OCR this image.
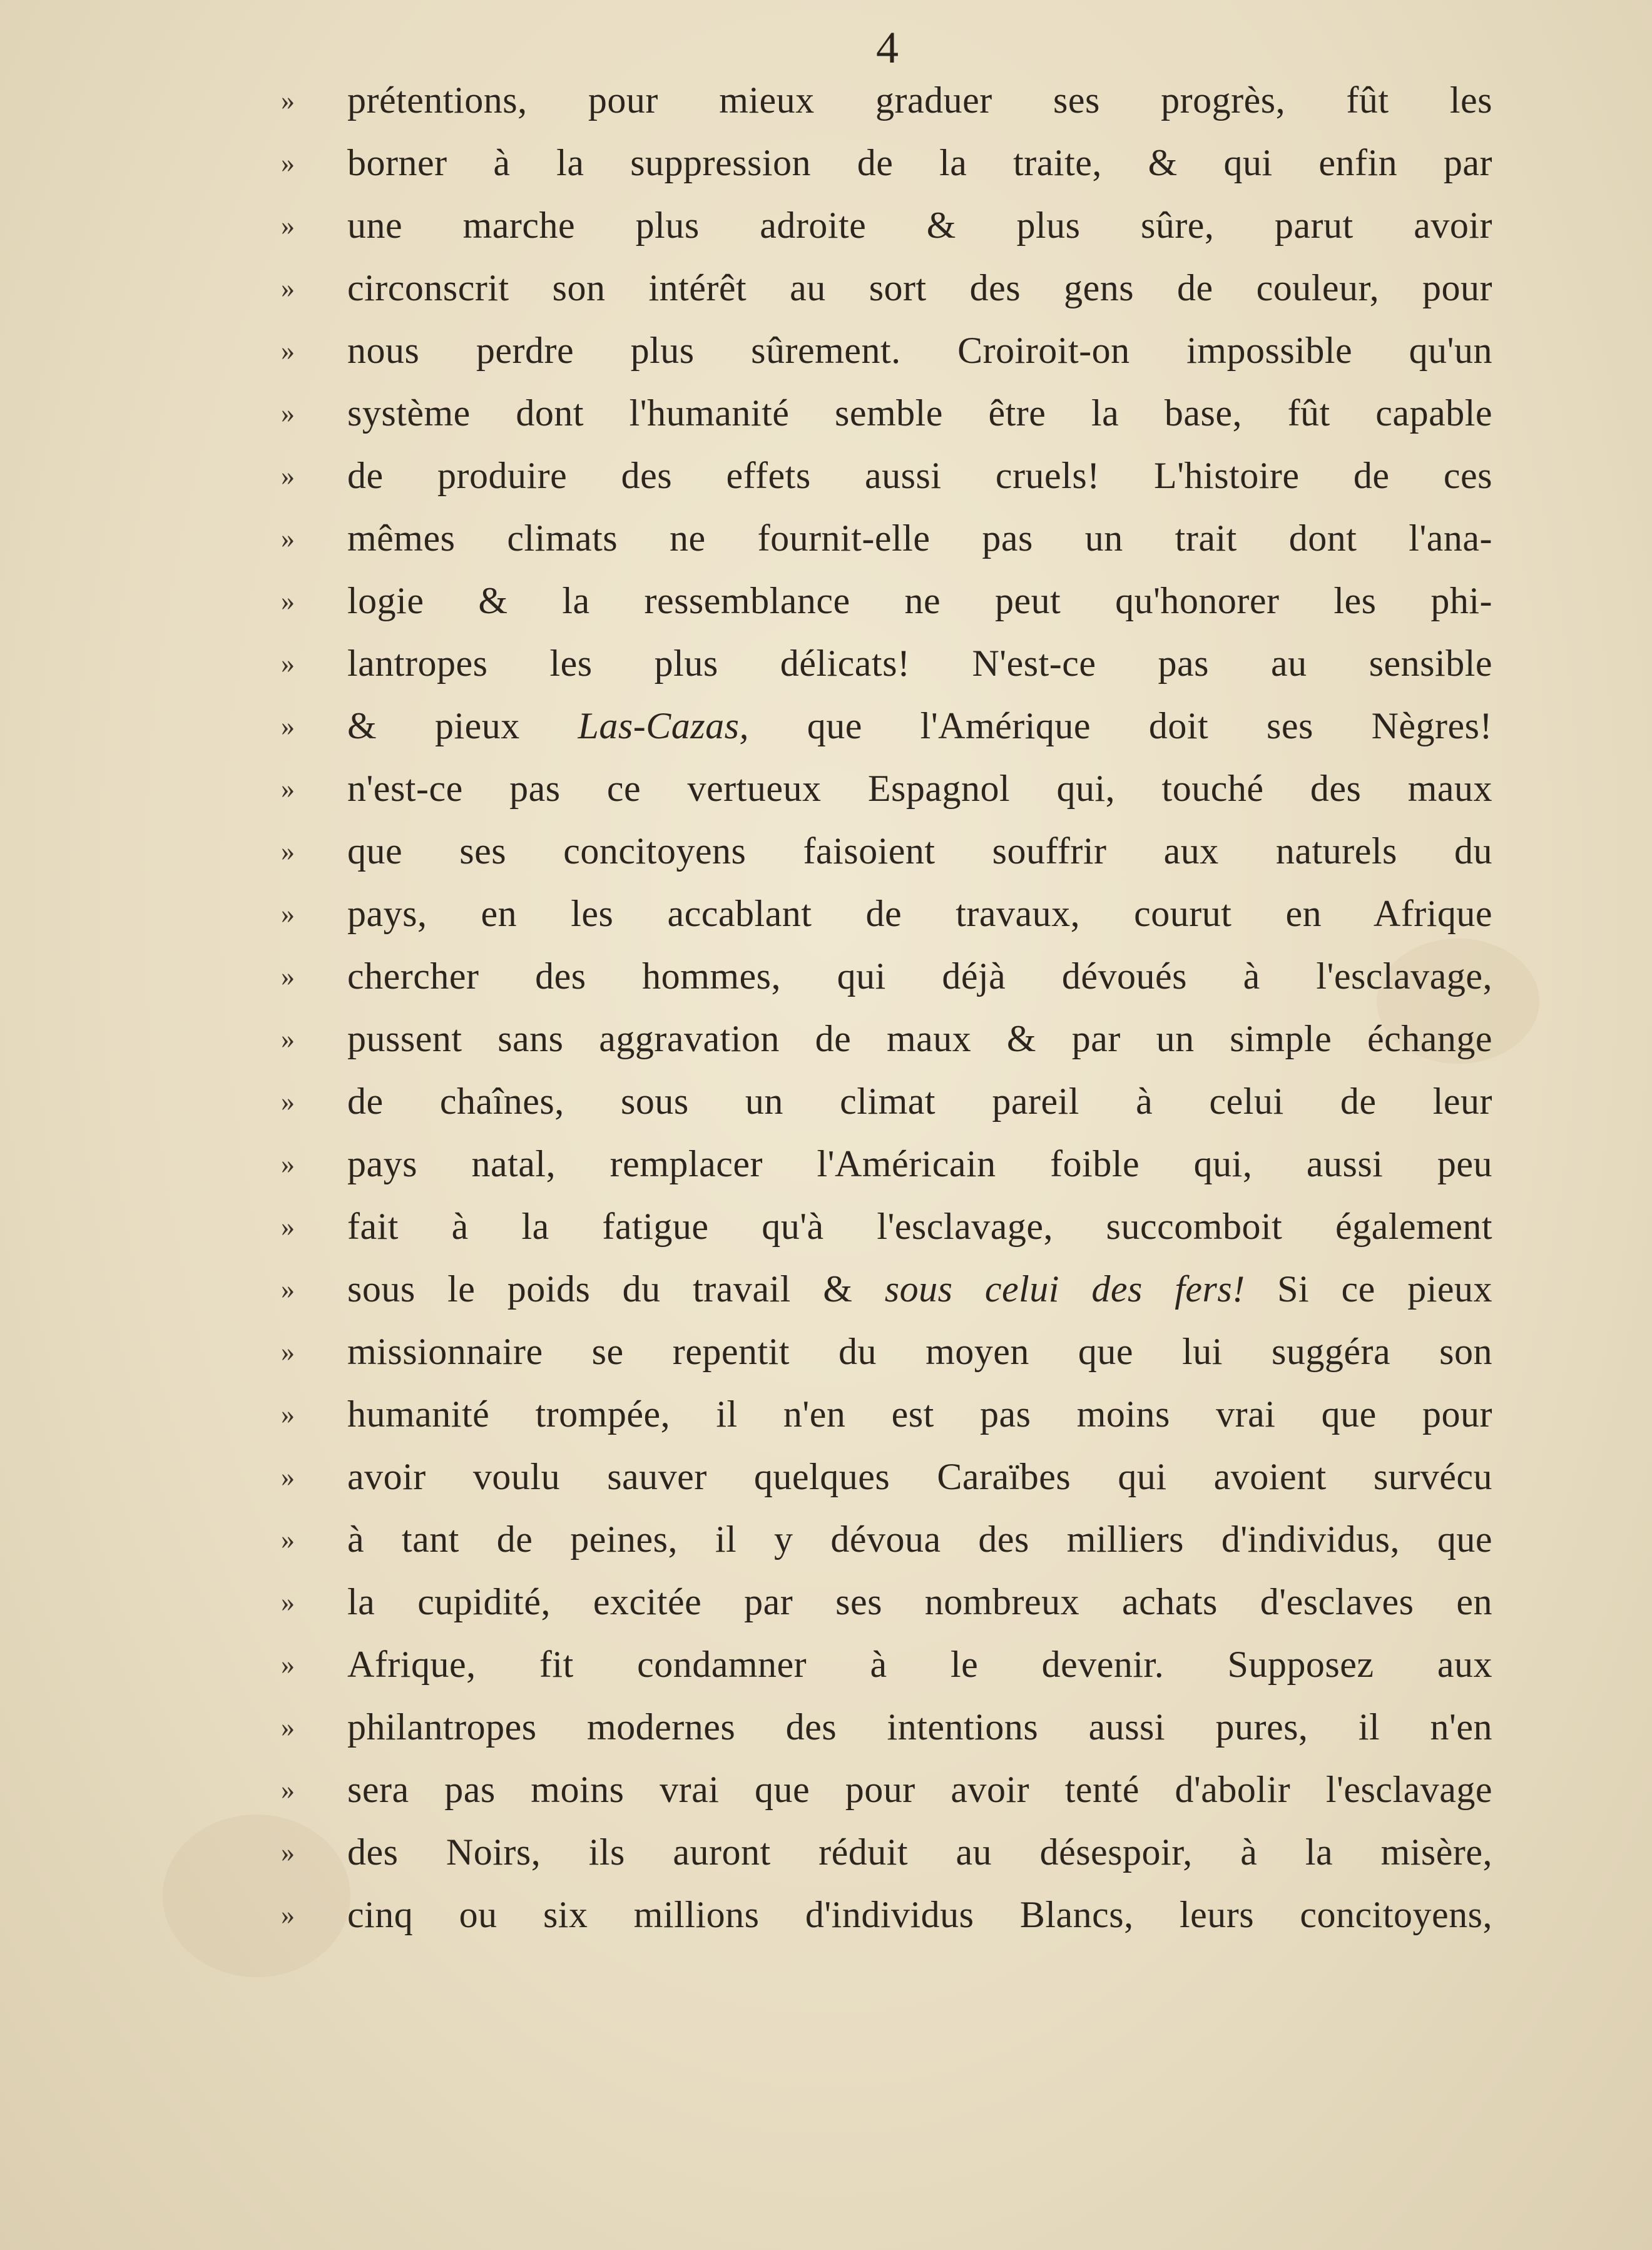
4
»	prétentions, pour mieux graduer ses progrès, fût les
»	borner à la suppression de la traite, & qui enfin par
»	une marche plus adroite & plus sûre, parut avoir
»	circonscrit son intérêt au sort des gens de couleur, pour
»	nous perdre plus sûrement. Croiroit-on impossible qu'un
»	système dont l'humanité semble être la base, fût capable
»	de produire des effets aussi cruels! L'histoire de ces
»	mêmes climats ne fournit-elle pas un trait dont l'ana-
»	logie & la ressemblance ne peut qu'honorer les phi-
»	lantropes les plus délicats! N'est-ce pas au sensible
»	& pieux Las-Cazas, que l'Amérique doit ses Nègres!
»	n'est-ce pas ce vertueux Espagnol qui, touché des maux
»	que ses concitoyens faisoient souffrir aux naturels du
»	pays, en les accablant de travaux, courut en Afrique
»	chercher des hommes, qui déjà dévoués à l'esclavage,
»	pussent sans aggravation de maux & par un simple échange
»	de chaînes, sous un climat pareil à celui de leur
»	pays natal, remplacer l'Américain foible qui, aussi peu
»	fait à la fatigue qu'à l'esclavage, succomboit également
»	sous le poids du travail & sous celui des fers! Si ce pieux
»	missionnaire se repentit du moyen que lui suggéra son
»	humanité trompée, il n'en est pas moins vrai que pour
»	avoir voulu sauver quelques Caraïbes qui avoient survécu
»	à tant de peines, il y dévoua des milliers d'individus, que
»	la cupidité, excitée par ses nombreux achats d'esclaves en
»	Afrique, fit condamner à le devenir. Supposez aux
»	philantropes modernes des intentions aussi pures, il n'en
»	sera pas moins vrai que pour avoir tenté d'abolir l'esclavage
»	des Noirs, ils auront réduit au désespoir, à la misère,
»	cinq ou six millions d'individus Blancs, leurs concitoyens,
